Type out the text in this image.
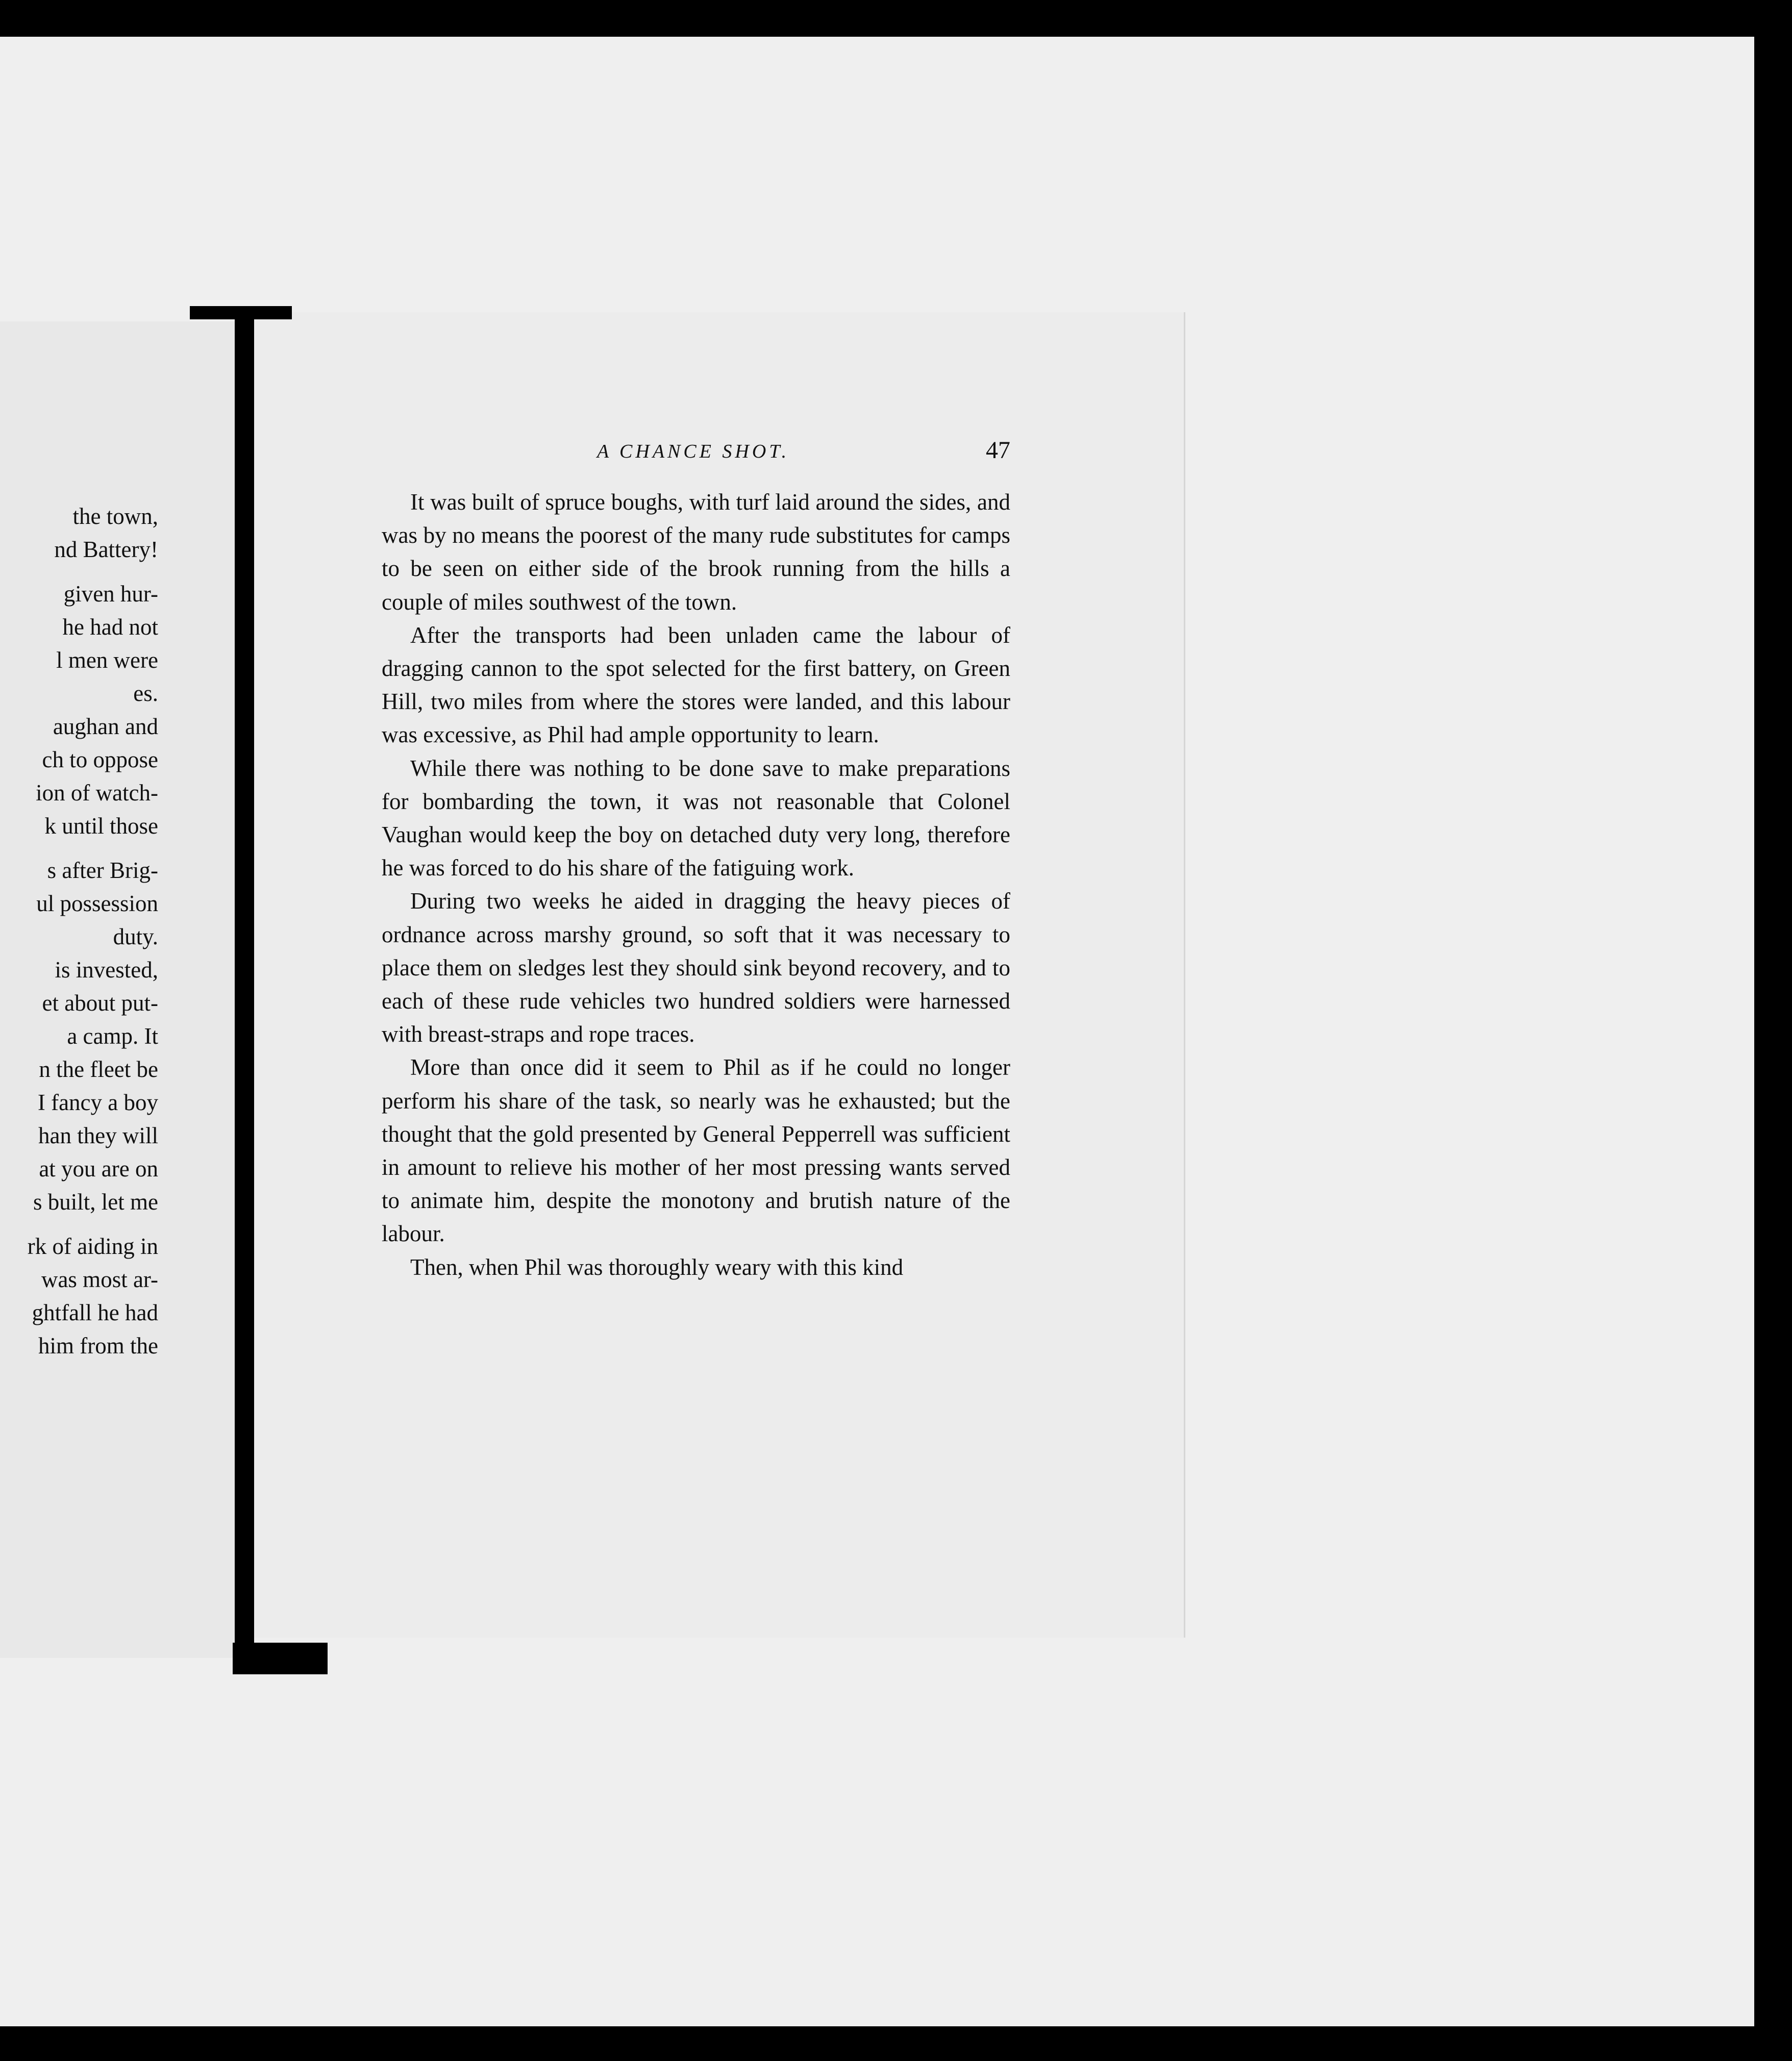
the town,
nd Battery!
given hur-
he had not
l men were
es.
aughan and
ch to oppose
ion of watch-
k until those
s after Brig-
ul possession
duty.
is invested,
et about put-
a camp. It
n the fleet be
I fancy a boy
han they will
at you are on
s built, let me
rk of aiding in
was most ar-
ghtfall he had
him from the
A CHANCE SHOT.	47

It was built of spruce boughs, with turf laid around the sides, and was by no means the poorest of the many rude substitutes for camps to be seen on either side of the brook running from the hills a couple of miles southwest of the town.

After the transports had been unladen came the labour of dragging cannon to the spot selected for the first battery, on Green Hill, two miles from where the stores were landed, and this labour was excessive, as Phil had ample opportunity to learn.

While there was nothing to be done save to make preparations for bombarding the town, it was not reasonable that Colonel Vaughan would keep the boy on detached duty very long, therefore he was forced to do his share of the fatiguing work.

During two weeks he aided in dragging the heavy pieces of ordnance across marshy ground, so soft that it was necessary to place them on sledges lest they should sink beyond recovery, and to each of these rude vehicles two hundred soldiers were harnessed with breast-straps and rope traces.

More than once did it seem to Phil as if he could no longer perform his share of the task, so nearly was he exhausted; but the thought that the gold presented by General Pepperrell was sufficient in amount to relieve his mother of her most pressing wants served to animate him, despite the monotony and brutish nature of the labour.

Then, when Phil was thoroughly weary with this kind
